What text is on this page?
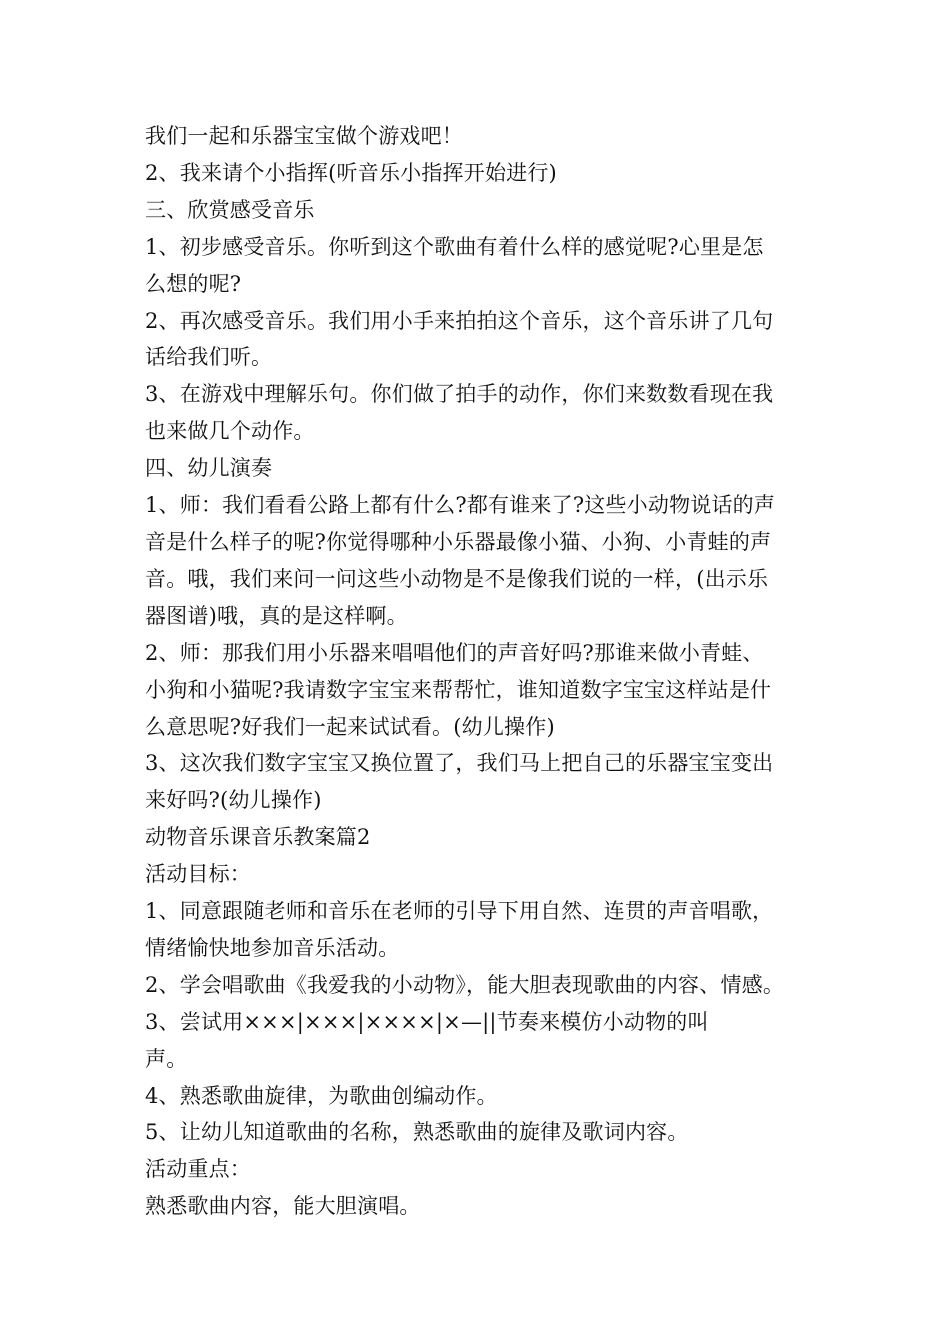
我们一起和乐器宝宝做个游戏吧！
2、我来请个小指挥(听音乐小指挥开始进行)
三、欣赏感受音乐
1、初步感受音乐。你听到这个歌曲有着什么样的感觉呢?心里是怎
么想的呢?
2、再次感受音乐。我们用小手来拍拍这个音乐，这个音乐讲了几句
话给我们听。
3、在游戏中理解乐句。你们做了拍手的动作，你们来数数看现在我
也来做几个动作。
四、幼儿演奏
1、师：我们看看公路上都有什么?都有谁来了?这些小动物说话的声
音是什么样子的呢?你觉得哪种小乐器最像小猫、小狗、小青蛙的声
音。哦，我们来问一问这些小动物是不是像我们说的一样，(出示乐
器图谱)哦，真的是这样啊。
2、师：那我们用小乐器来唱唱他们的声音好吗?那谁来做小青蛙、
小狗和小猫呢?我请数字宝宝来帮帮忙，谁知道数字宝宝这样站是什
么意思呢?好我们一起来试试看。(幼儿操作)
3、这次我们数字宝宝又换位置了，我们马上把自己的乐器宝宝变出
来好吗?(幼儿操作)
动物音乐课音乐教案篇2
活动目标：
1、同意跟随老师和音乐在老师的引导下用自然、连贯的声音唱歌，
情绪愉快地参加音乐活动。
2、学会唱歌曲《我爱我的小动物》，能大胆表现歌曲的内容、情感。
3、尝试用×××|×××|××××|×—||节奏来模仿小动物的叫
声。
4、熟悉歌曲旋律，为歌曲创编动作。
5、让幼儿知道歌曲的名称，熟悉歌曲的旋律及歌词内容。
活动重点：
熟悉歌曲内容，能大胆演唱。
